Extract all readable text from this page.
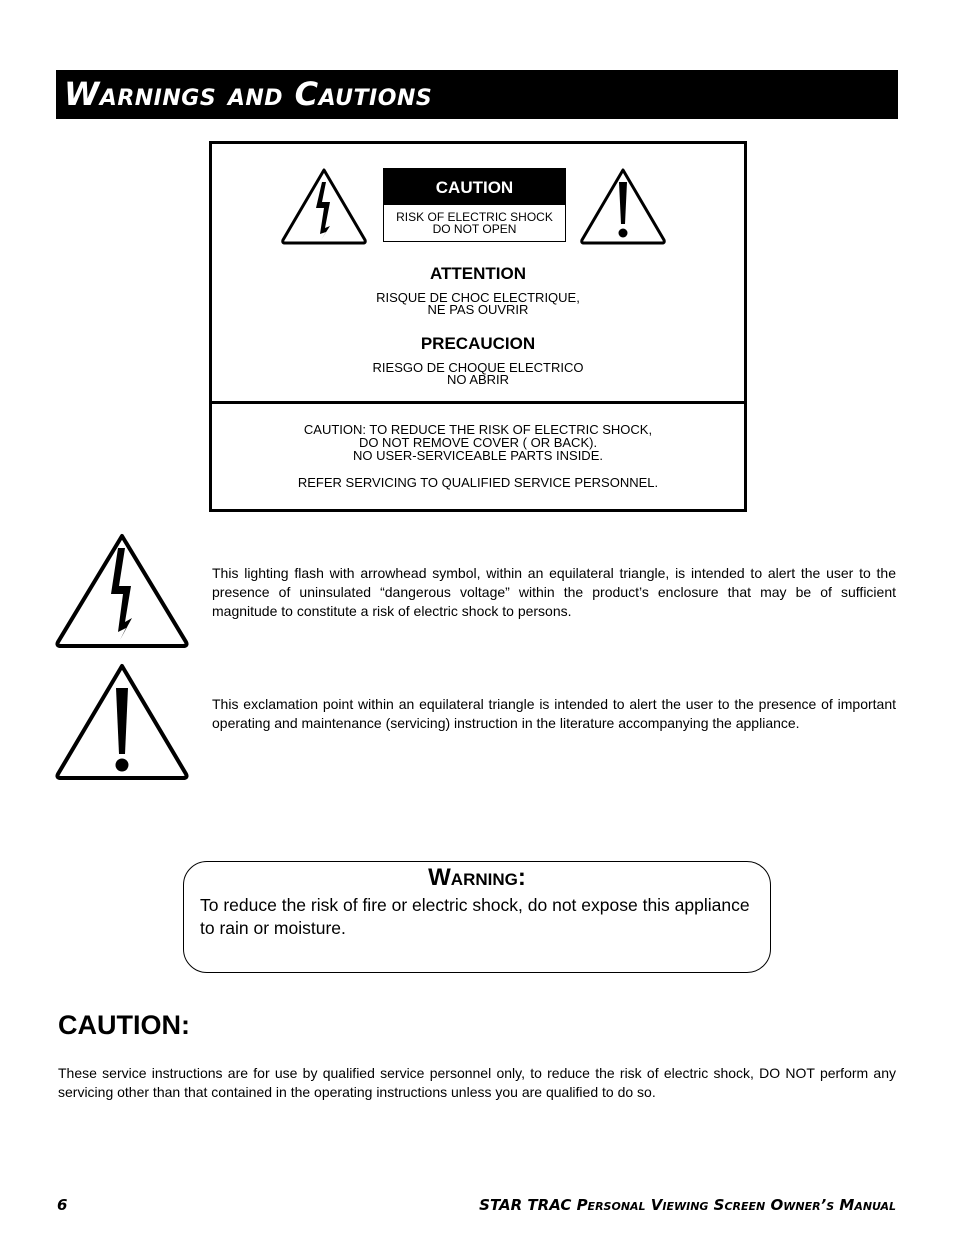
Warnings and Cautions
CAUTION
RISK OF ELECTRIC SHOCK
DO NOT OPEN
ATTENTION
RISQUE DE CHOC ELECTRIQUE,
NE PAS OUVRIR
PRECAUCION
RIESGO DE CHOQUE ELECTRICO
NO ABRIR
CAUTION: TO REDUCE THE RISK OF ELECTRIC SHOCK,
DO NOT REMOVE COVER ( OR BACK).
NO USER-SERVICEABLE PARTS INSIDE.
REFER SERVICING TO QUALIFIED SERVICE PERSONNEL.
This lighting flash with arrowhead symbol, within an equilateral triangle, is intended to alert the user to the presence of uninsulated “dangerous voltage” within the product’s enclosure that may be of sufficient magnitude to constitute a risk of electric shock to persons.
This exclamation point within an equilateral triangle is intended to alert the user to the presence of important operating and maintenance (servicing) instruction in the literature accompanying the appliance.
Warning:
To reduce the risk of fire or electric shock, do not expose this appliance to rain or moisture.
CAUTION:
These service instructions are for use by qualified service personnel only, to reduce the risk of electric shock, DO NOT perform any servicing other than that contained in the operating instructions unless you are qualified to do so.
6	STAR TRAC Personal Viewing Screen Owner’s Manual
